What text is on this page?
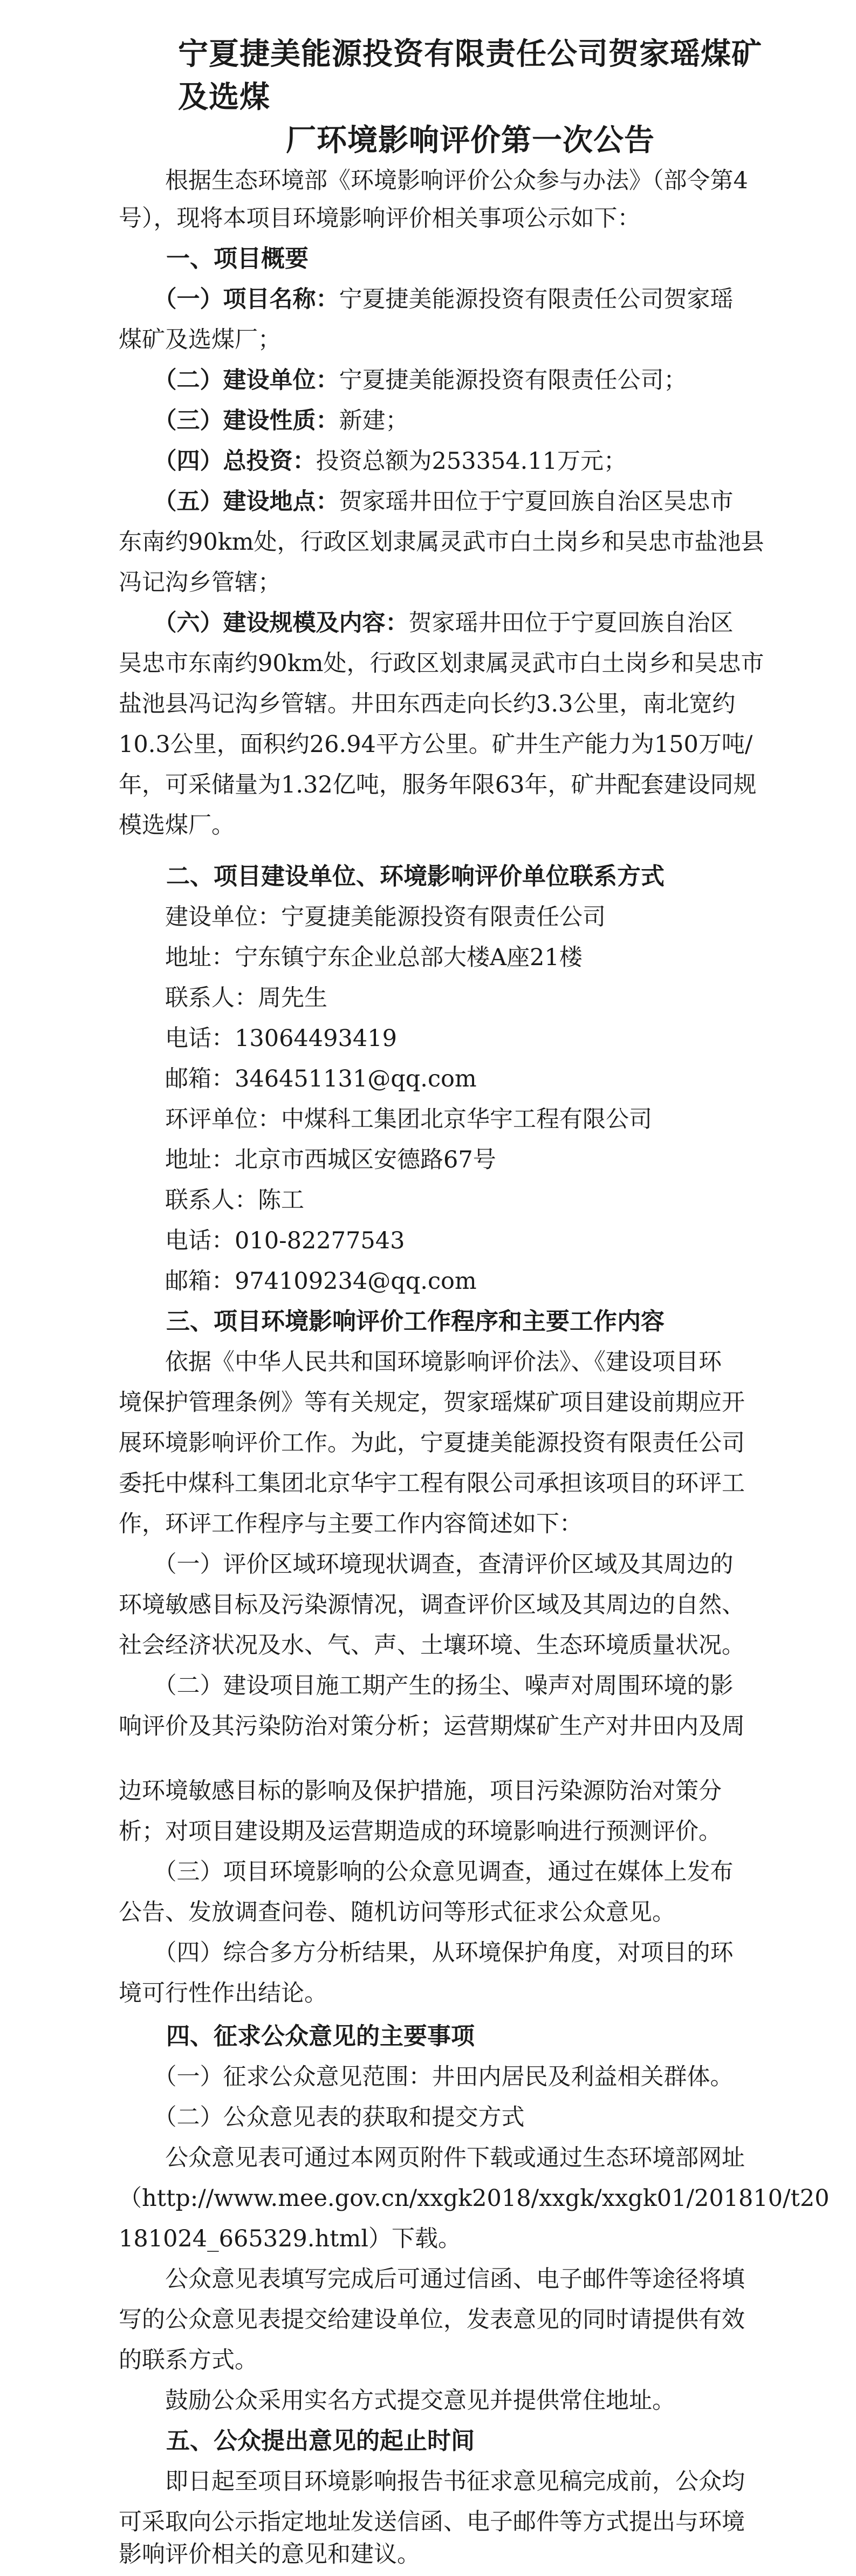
宁夏捷美能源投资有限责任公司贺家瑶煤矿及选煤
厂环境影响评价第一次公告
　　根据生态环境部《环境影响评价公众参与办法》（部令第4
号），现将本项目环境影响评价相关事项公示如下：
　　一、项目概要
　　（一）项目名称：宁夏捷美能源投资有限责任公司贺家瑶
煤矿及选煤厂；
　　（二）建设单位：宁夏捷美能源投资有限责任公司；
　　（三）建设性质：新建；
　　（四）总投资：投资总额为253354.11万元；
　　（五）建设地点：贺家瑶井田位于宁夏回族自治区吴忠市
东南约90km处，行政区划隶属灵武市白土岗乡和吴忠市盐池县
冯记沟乡管辖；
　　（六）建设规模及内容：贺家瑶井田位于宁夏回族自治区
吴忠市东南约90km处，行政区划隶属灵武市白土岗乡和吴忠市
盐池县冯记沟乡管辖。井田东西走向长约3.3公里，南北宽约
10.3公里，面积约26.94平方公里。矿井生产能力为150万吨/
年，可采储量为1.32亿吨，服务年限63年，矿井配套建设同规
模选煤厂。
　　二、项目建设单位、环境影响评价单位联系方式
　　建设单位：宁夏捷美能源投资有限责任公司
　　地址：宁东镇宁东企业总部大楼A座21楼
　　联系人：周先生
　　电话：13064493419
　　邮箱：346451131@qq.com
　　环评单位：中煤科工集团北京华宇工程有限公司
　　地址：北京市西城区安德路67号
　　联系人：陈工
　　电话：010-82277543
　　邮箱：974109234@qq.com
　　三、项目环境影响评价工作程序和主要工作内容
　　依据《中华人民共和国环境影响评价法》、《建设项目环
境保护管理条例》等有关规定，贺家瑶煤矿项目建设前期应开
展环境影响评价工作。为此，宁夏捷美能源投资有限责任公司
委托中煤科工集团北京华宇工程有限公司承担该项目的环评工
作，环评工作程序与主要工作内容简述如下：
　　（一）评价区域环境现状调查，查清评价区域及其周边的
环境敏感目标及污染源情况，调查评价区域及其周边的自然、
社会经济状况及水、气、声、土壤环境、生态环境质量状况。
　　（二）建设项目施工期产生的扬尘、噪声对周围环境的影
响评价及其污染防治对策分析；运营期煤矿生产对井田内及周
边环境敏感目标的影响及保护措施，项目污染源防治对策分
析；对项目建设期及运营期造成的环境影响进行预测评价。
　　（三）项目环境影响的公众意见调查，通过在媒体上发布
公告、发放调查问卷、随机访问等形式征求公众意见。
　　（四）综合多方分析结果，从环境保护角度，对项目的环
境可行性作出结论。
　　四、征求公众意见的主要事项
　　（一）征求公众意见范围：井田内居民及利益相关群体。
　　（二）公众意见表的获取和提交方式
　　公众意见表可通过本网页附件下载或通过生态环境部网址
（http://www.mee.gov.cn/xxgk2018/xxgk/xxgk01/201810/t20
181024_665329.html）下载。
　　公众意见表填写完成后可通过信函、电子邮件等途径将填
写的公众意见表提交给建设单位，发表意见的同时请提供有效
的联系方式。
　　鼓励公众采用实名方式提交意见并提供常住地址。
　　五、公众提出意见的起止时间
　　即日起至项目环境影响报告书征求意见稿完成前，公众均
可采取向公示指定地址发送信函、电子邮件等方式提出与环境
影响评价相关的意见和建议。
